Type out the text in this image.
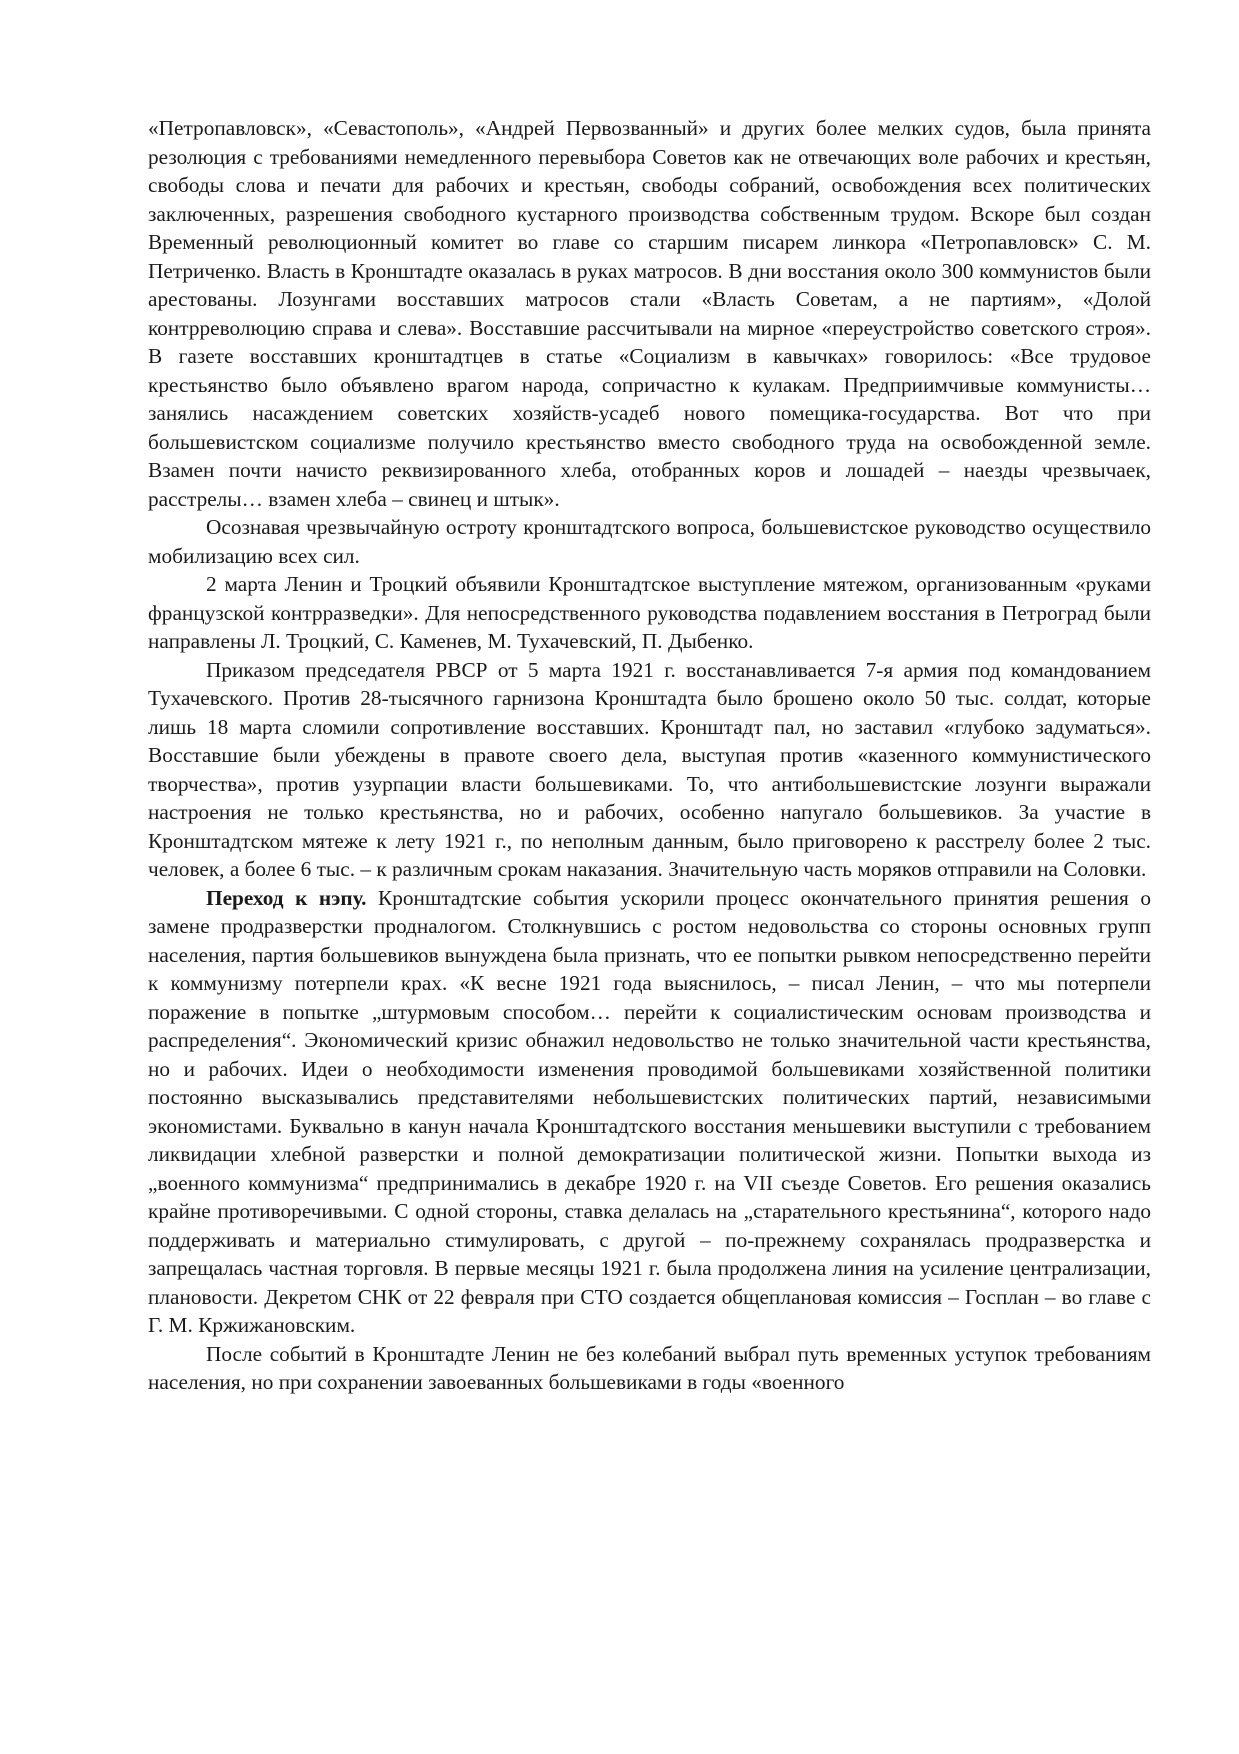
«Петропавловск», «Севастополь», «Андрей Первозванный» и других более мелких судов, была принята резолюция с требованиями немедленного перевыбора Советов как не отвечающих воле рабочих и крестьян, свободы слова и печати для рабочих и крестьян, свободы собраний, освобождения всех политических заключенных, разрешения свободного кустарного производства собственным трудом. Вскоре был создан Временный революционный комитет во главе со старшим писарем линкора «Петропавловск» С. М. Петриченко. Власть в Кронштадте оказалась в руках матросов. В дни восстания около 300 коммунистов были арестованы. Лозунгами восставших матросов стали «Власть Советам, а не партиям», «Долой контрреволюцию справа и слева». Восставшие рассчитывали на мирное «переустройство советского строя». В газете восставших кронштадтцев в статье «Социализм в кавычках» говорилось: «Все трудовое крестьянство было объявлено врагом народа, сопричастно к кулакам. Предприимчивые коммунисты… занялись насаждением советских хозяйств-усадеб нового помещика-государства. Вот что при большевистском социализме получило крестьянство вместо свободного труда на освобожденной земле. Взамен почти начисто реквизированного хлеба, отобранных коров и лошадей – наезды чрезвычаек, расстрелы… взамен хлеба – свинец и штык».

Осознавая чрезвычайную остроту кронштадтского вопроса, большевистское руководство осуществило мобилизацию всех сил.

2 марта Ленин и Троцкий объявили Кронштадтское выступление мятежом, организованным «руками французской контрразведки». Для непосредственного руководства подавлением восстания в Петроград были направлены Л. Троцкий, С. Каменев, М. Тухачевский, П. Дыбенко.

Приказом председателя РВСР от 5 марта 1921 г. восстанавливается 7-я армия под командованием Тухачевского. Против 28-тысячного гарнизона Кронштадта было брошено около 50 тыс. солдат, которые лишь 18 марта сломили сопротивление восставших. Кронштадт пал, но заставил «глубоко задуматься». Восставшие были убеждены в правоте своего дела, выступая против «казенного коммунистического творчества», против узурпации власти большевиками. То, что антибольшевистские лозунги выражали настроения не только крестьянства, но и рабочих, особенно напугало большевиков. За участие в Кронштадтском мятеже к лету 1921 г., по неполным данным, было приговорено к расстрелу более 2 тыс. человек, а более 6 тыс. – к различным срокам наказания. Значительную часть моряков отправили на Соловки.

Переход к нэпу. Кронштадтские события ускорили процесс окончательного принятия решения о замене продразверстки продналогом. Столкнувшись с ростом недовольства со стороны основных групп населения, партия большевиков вынуждена была признать, что ее попытки рывком непосредственно перейти к коммунизму потерпели крах. «К весне 1921 года выяснилось, – писал Ленин, – что мы потерпели поражение в попытке „штурмовым способом… перейти к социалистическим основам производства и распределения“. Экономический кризис обнажил недовольство не только значительной части крестьянства, но и рабочих. Идеи о необходимости изменения проводимой большевиками хозяйственной политики постоянно высказывались представителями небольшевистских политических партий, независимыми экономистами. Буквально в канун начала Кронштадтского восстания меньшевики выступили с требованием ликвидации хлебной разверстки и полной демократизации политической жизни. Попытки выхода из „военного коммунизма“ предпринимались в декабре 1920 г. на VII съезде Советов. Его решения оказались крайне противоречивыми. С одной стороны, ставка делалась на „старательного крестьянина“, которого надо поддерживать и материально стимулировать, с другой – по-прежнему сохранялась продразверстка и запрещалась частная торговля. В первые месяцы 1921 г. была продолжена линия на усиление централизации, плановости. Декретом СНК от 22 февраля при СТО создается общеплановая комиссия – Госплан – во главе с Г. М. Кржижановским.

После событий в Кронштадте Ленин не без колебаний выбрал путь временных уступок требованиям населения, но при сохранении завоеванных большевиками в годы «военного
